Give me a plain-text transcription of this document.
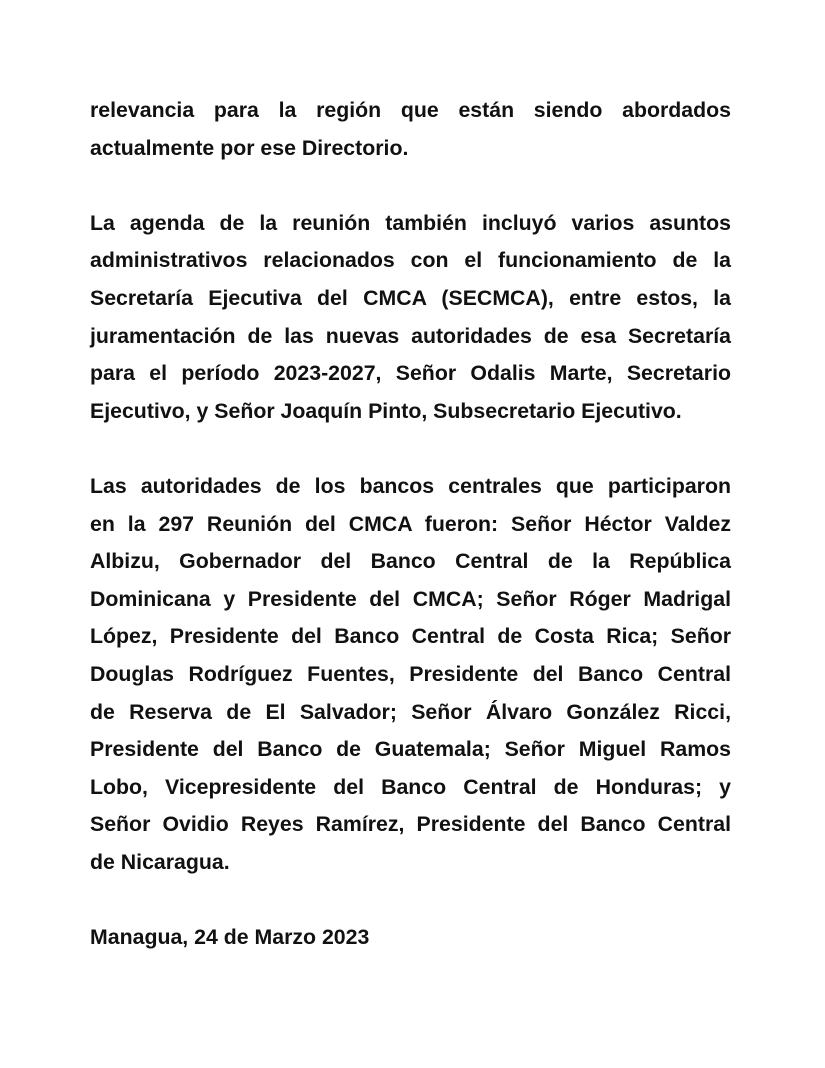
relevancia para la región que están siendo abordados
actualmente por ese Directorio.
La agenda de la reunión también incluyó varios asuntos
administrativos relacionados con el funcionamiento de la
Secretaría Ejecutiva del CMCA (SECMCA), entre estos, la
juramentación de las nuevas autoridades de esa Secretaría
para el período 2023-2027, Señor Odalis Marte, Secretario
Ejecutivo, y Señor Joaquín Pinto, Subsecretario Ejecutivo.
Las autoridades de los bancos centrales que participaron
en la 297 Reunión del CMCA fueron: Señor Héctor Valdez
Albizu, Gobernador del Banco Central de la República
Dominicana y Presidente del CMCA; Señor Róger Madrigal
López, Presidente del Banco Central de Costa Rica; Señor
Douglas Rodríguez Fuentes, Presidente del Banco Central
de Reserva de El Salvador; Señor Álvaro González Ricci,
Presidente del Banco de Guatemala; Señor Miguel Ramos
Lobo, Vicepresidente del Banco Central de Honduras; y
Señor Ovidio Reyes Ramírez, Presidente del Banco Central
de Nicaragua.
Managua, 24 de Marzo 2023
